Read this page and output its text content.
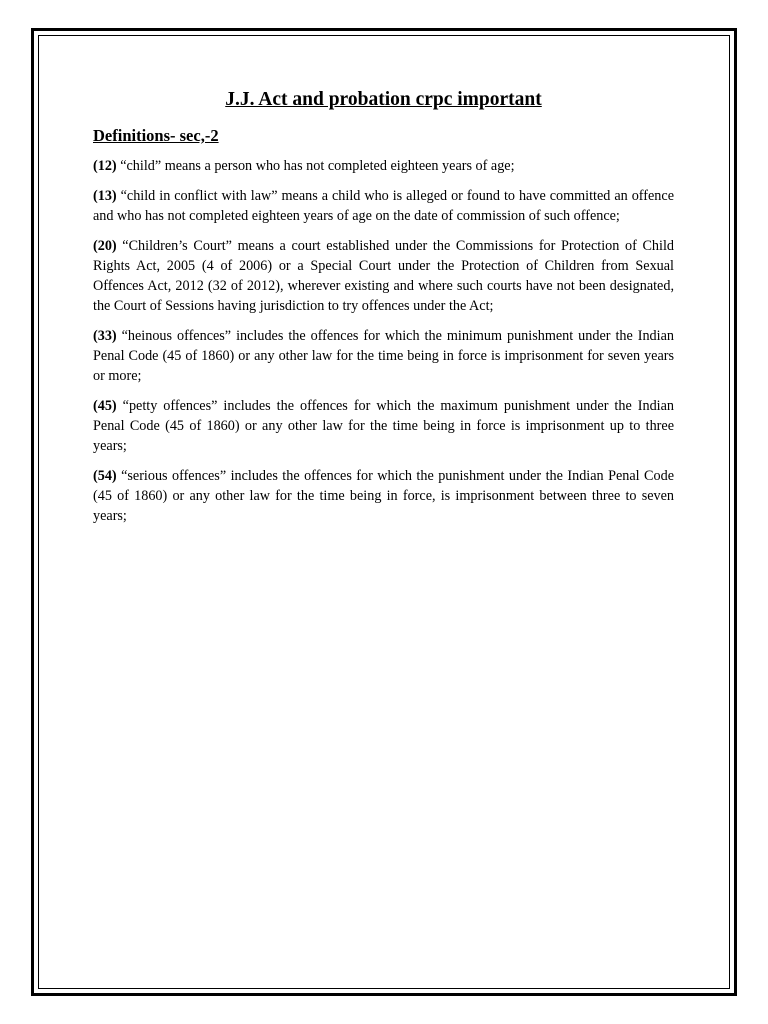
J.J. Act and probation crpc important
Definitions- sec,-2

(12) “child” means a person who has not completed eighteen years of age;

(13) “child in conflict with law” means a child who is alleged or found to have committed an offence and who has not completed eighteen years of age on the date of commission of such offence;

(20) “Children’s Court” means a court established under the Commissions for Protection of Child Rights Act, 2005 (4 of 2006) or a Special Court under the Protection of Children from Sexual Offences Act, 2012 (32 of 2012), wherever existing and where such courts have not been designated, the Court of Sessions having jurisdiction to try offences under the Act;

(33) “heinous offences” includes the offences for which the minimum punishment under the Indian Penal Code (45 of 1860) or any other law for the time being in force is imprisonment for seven years or more;

(45) “petty offences” includes the offences for which the maximum punishment under the Indian Penal Code (45 of 1860) or any other law for the time being in force is imprisonment up to three years;

(54) “serious offences” includes the offences for which the punishment under the Indian Penal Code (45 of 1860) or any other law for the time being in force, is imprisonment between three to seven years;
